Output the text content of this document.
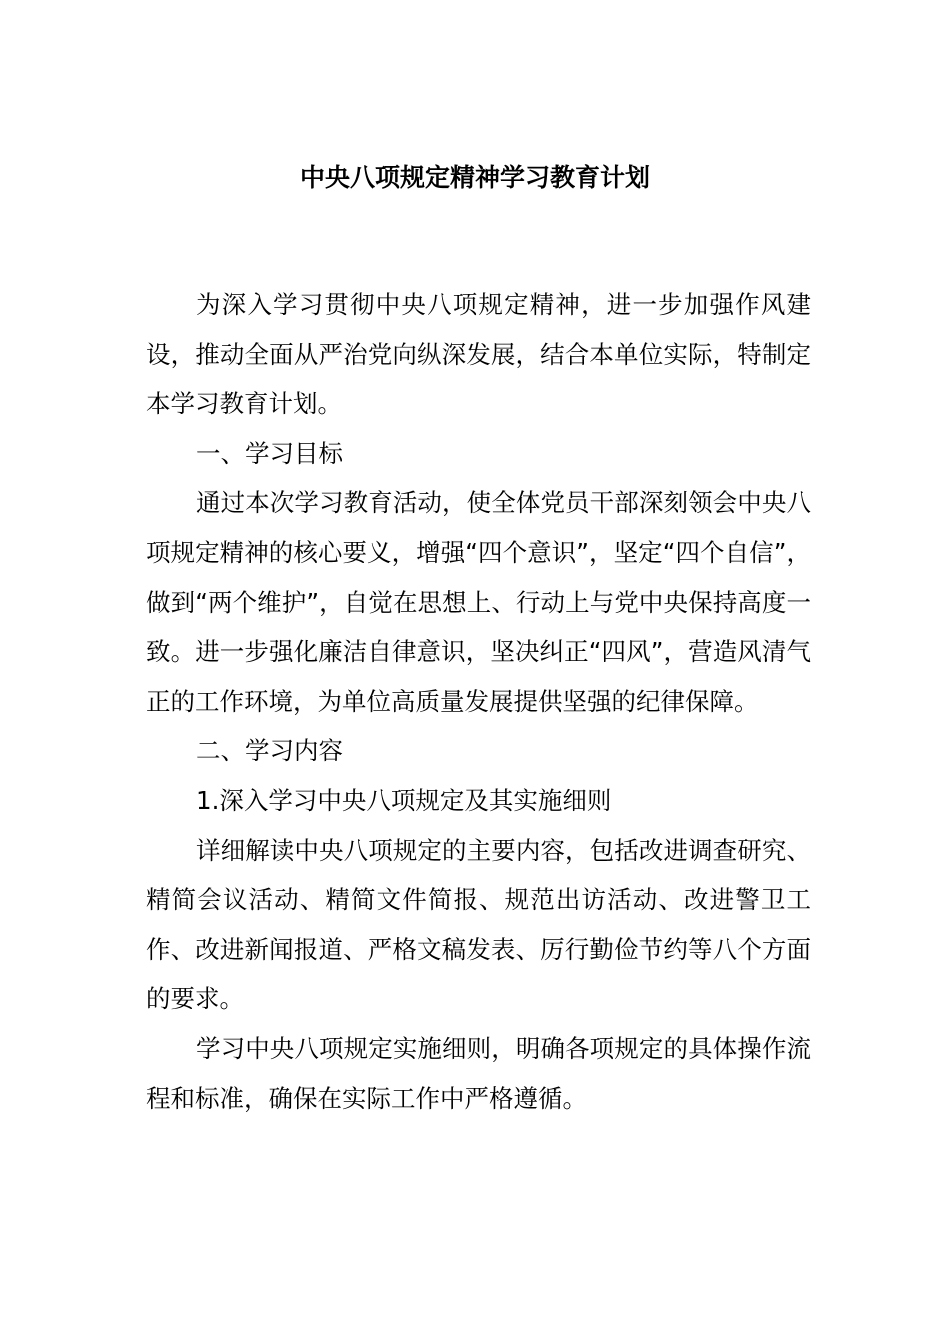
中央八项规定精神学习教育计划

为深入学习贯彻中央八项规定精神，进一步加强作风建设，推动全面从严治党向纵深发展，结合本单位实际，特制定本学习教育计划。

一、学习目标

通过本次学习教育活动，使全体党员干部深刻领会中央八项规定精神的核心要义，增强“四个意识”，坚定“四个自信”，做到“两个维护”，自觉在思想上、行动上与党中央保持高度一致。进一步强化廉洁自律意识，坚决纠正“四风”，营造风清气正的工作环境，为单位高质量发展提供坚强的纪律保障。

二、学习内容

1.深入学习中央八项规定及其实施细则

详细解读中央八项规定的主要内容，包括改进调查研究、精简会议活动、精简文件简报、规范出访活动、改进警卫工作、改进新闻报道、严格文稿发表、厉行勤俭节约等八个方面的要求。

学习中央八项规定实施细则，明确各项规定的具体操作流程和标准，确保在实际工作中严格遵循。
